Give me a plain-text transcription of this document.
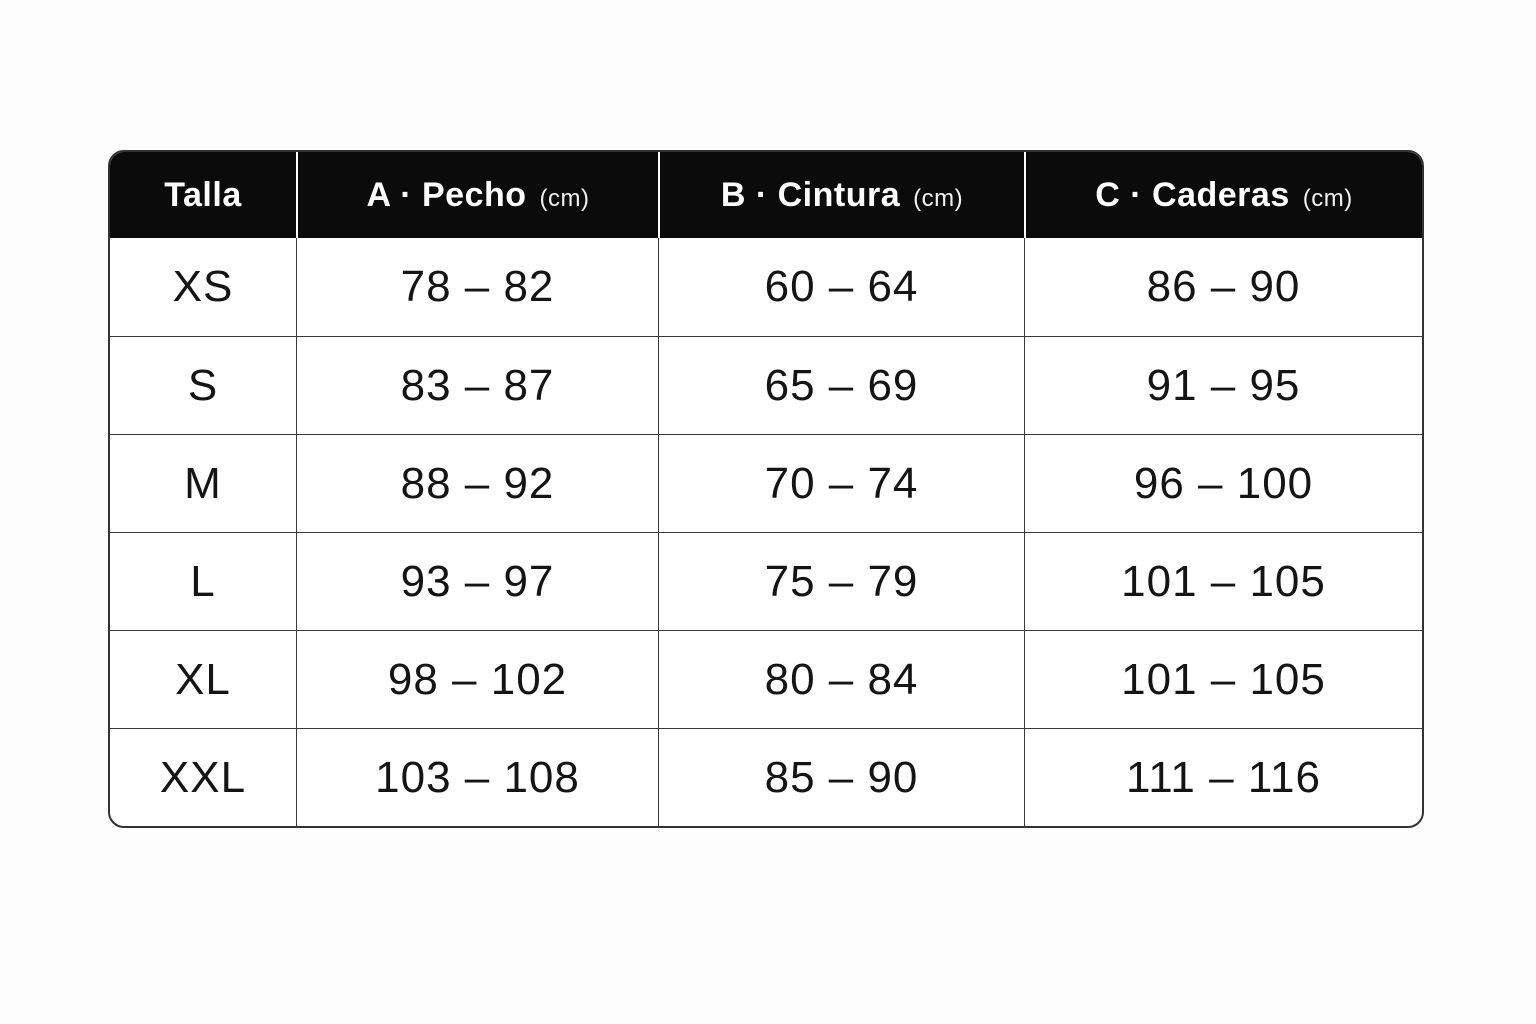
Talla	A · Pecho (cm)	B · Cintura (cm)	C · Caderas (cm)
XS	78 – 82	60 – 64	86 – 90
S	83 – 87	65 – 69	91 – 95
M	88 – 92	70 – 74	96 – 100
L	93 – 97	75 – 79	101 – 105
XL	98 – 102	80 – 84	101 – 105
XXL	103 – 108	85 – 90	111 – 116
